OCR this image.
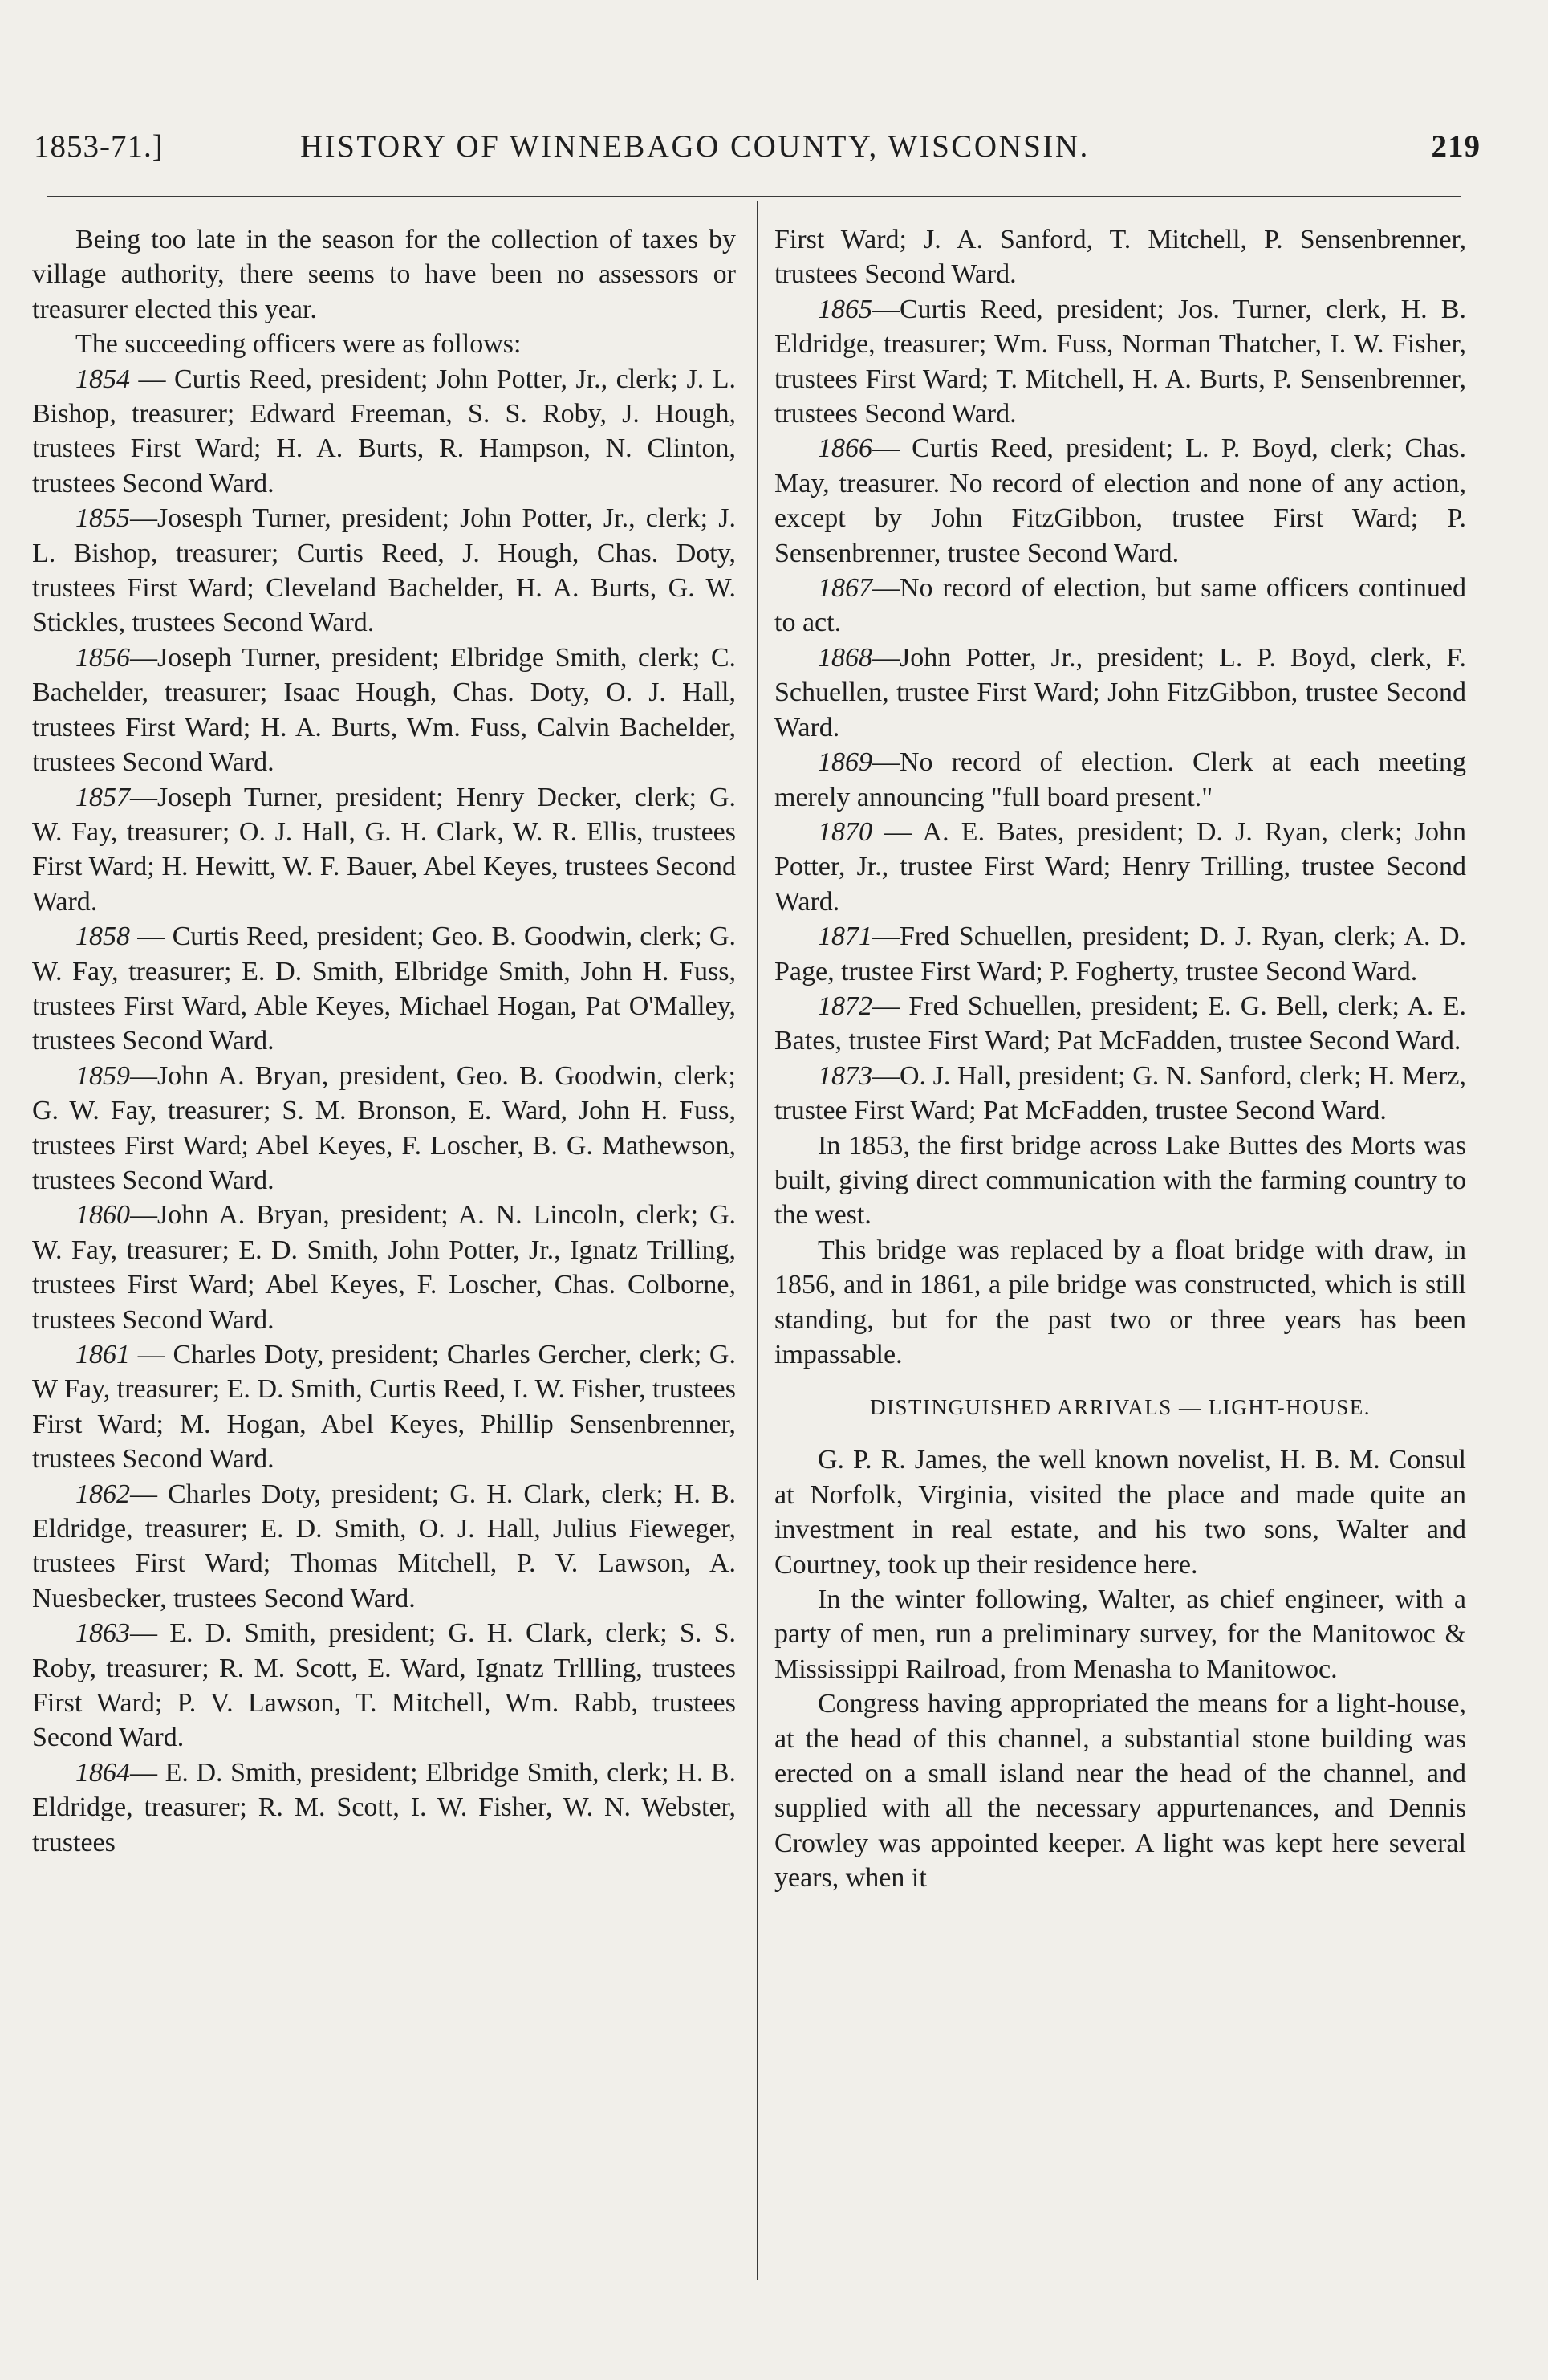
1853-71.]	HISTORY OF WINNEBAGO COUNTY, WISCONSIN.	219

Being too late in the season for the collection of taxes by village authority, there seems to have been no assessors or treasurer elected this year.

The succeeding officers were as follows:

1854 — Curtis Reed, president; John Potter, Jr., clerk; J. L. Bishop, treasurer; Edward Freeman, S. S. Roby, J. Hough, trustees First Ward; H. A. Burts, R. Hampson, N. Clinton, trustees Second Ward.

1855—Josesph Turner, president; John Potter, Jr., clerk; J. L. Bishop, treasurer; Curtis Reed, J. Hough, Chas. Doty, trustees First Ward; Cleveland Bachelder, H. A. Burts, G. W. Stickles, trustees Second Ward.

1856—Joseph Turner, president; Elbridge Smith, clerk; C. Bachelder, treasurer; Isaac Hough, Chas. Doty, O. J. Hall, trustees First Ward; H. A. Burts, Wm. Fuss, Calvin Bachelder, trustees Second Ward.

1857—Joseph Turner, president; Henry Decker, clerk; G. W. Fay, treasurer; O. J. Hall, G. H. Clark, W. R. Ellis, trustees First Ward; H. Hewitt, W. F. Bauer, Abel Keyes, trustees Second Ward.

1858 — Curtis Reed, president; Geo. B. Goodwin, clerk; G. W. Fay, treasurer; E. D. Smith, Elbridge Smith, John H. Fuss, trustees First Ward, Able Keyes, Michael Hogan, Pat O'Malley, trustees Second Ward.

1859—John A. Bryan, president, Geo. B. Goodwin, clerk; G. W. Fay, treasurer; S. M. Bronson, E. Ward, John H. Fuss, trustees First Ward; Abel Keyes, F. Loscher, B. G. Mathewson, trustees Second Ward.

1860—John A. Bryan, president; A. N. Lincoln, clerk; G. W. Fay, treasurer; E. D. Smith, John Potter, Jr., Ignatz Trilling, trustees First Ward; Abel Keyes, F. Loscher, Chas. Colborne, trustees Second Ward.

1861 — Charles Doty, president; Charles Gercher, clerk; G. W Fay, treasurer; E. D. Smith, Curtis Reed, I. W. Fisher, trustees First Ward; M. Hogan, Abel Keyes, Phillip Sensenbrenner, trustees Second Ward.

1862— Charles Doty, president; G. H. Clark, clerk; H. B. Eldridge, treasurer; E. D. Smith, O. J. Hall, Julius Fieweger, trustees First Ward; Thomas Mitchell, P. V. Lawson, A. Nuesbecker, trustees Second Ward.

1863— E. D. Smith, president; G. H. Clark, clerk; S. S. Roby, treasurer; R. M. Scott, E. Ward, Ignatz Trllling, trustees First Ward; P. V. Lawson, T. Mitchell, Wm. Rabb, trustees Second Ward.

1864— E. D. Smith, president; Elbridge Smith, clerk; H. B. Eldridge, treasurer; R. M. Scott, I. W. Fisher, W. N. Webster, trustees

First Ward; J. A. Sanford, T. Mitchell, P. Sensenbrenner, trustees Second Ward.

1865—Curtis Reed, president; Jos. Turner, clerk, H. B. Eldridge, treasurer; Wm. Fuss, Norman Thatcher, I. W. Fisher, trustees First Ward; T. Mitchell, H. A. Burts, P. Sensenbrenner, trustees Second Ward.

1866— Curtis Reed, president; L. P. Boyd, clerk; Chas. May, treasurer. No record of election and none of any action, except by John FitzGibbon, trustee First Ward; P. Sensenbrenner, trustee Second Ward.

1867—No record of election, but same officers continued to act.

1868—John Potter, Jr., president; L. P. Boyd, clerk, F. Schuellen, trustee First Ward; John FitzGibbon, trustee Second Ward.

1869—No record of election. Clerk at each meeting merely announcing "full board present."

1870 — A. E. Bates, president; D. J. Ryan, clerk; John Potter, Jr., trustee First Ward; Henry Trilling, trustee Second Ward.

1871—Fred Schuellen, president; D. J. Ryan, clerk; A. D. Page, trustee First Ward; P. Fogherty, trustee Second Ward.

1872— Fred Schuellen, president; E. G. Bell, clerk; A. E. Bates, trustee First Ward; Pat McFadden, trustee Second Ward.

1873—O. J. Hall, president; G. N. Sanford, clerk; H. Merz, trustee First Ward; Pat McFadden, trustee Second Ward.

In 1853, the first bridge across Lake Buttes des Morts was built, giving direct communication with the farming country to the west.

This bridge was replaced by a float bridge with draw, in 1856, and in 1861, a pile bridge was constructed, which is still standing, but for the past two or three years has been impassable.

DISTINGUISHED ARRIVALS — LIGHT-HOUSE.

G. P. R. James, the well known novelist, H. B. M. Consul at Norfolk, Virginia, visited the place and made quite an investment in real estate, and his two sons, Walter and Courtney, took up their residence here.

In the winter following, Walter, as chief engineer, with a party of men, run a preliminary survey, for the Manitowoc & Mississippi Railroad, from Menasha to Manitowoc.

Congress having appropriated the means for a light-house, at the head of this channel, a substantial stone building was erected on a small island near the head of the channel, and supplied with all the necessary appurtenances, and Dennis Crowley was appointed keeper. A light was kept here several years, when it
